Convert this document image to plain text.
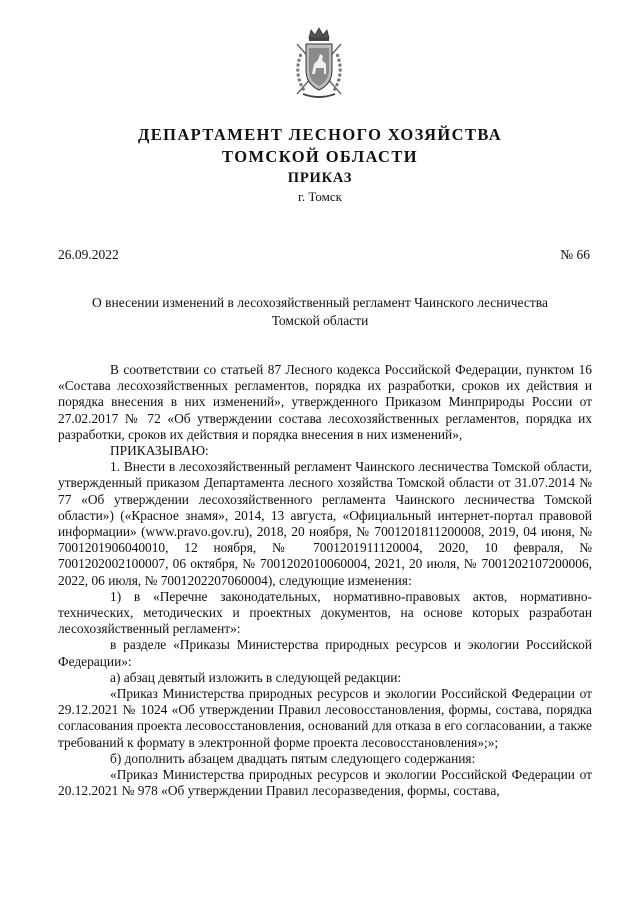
ДЕПАРТАМЕНТ ЛЕСНОГО ХОЗЯЙСТВА

ТОМСКОЙ ОБЛАСТИ

ПРИКАЗ

г. Томск

26.09.2022	№ 66

О внесении изменений в лесохозяйственный регламент Чаинского лесничества Томской области

В соответствии со статьей 87 Лесного кодекса Российской Федерации, пунктом 16 «Состава лесохозяйственных регламентов, порядка их разработки, сроков их действия и порядка внесения в них изменений», утвержденного Приказом Минприроды России от 27.02.2017 № 72 «Об утверждении состава лесохозяйственных регламентов, порядка их разработки, сроков их действия и порядка внесения в них изменений»,

ПРИКАЗЫВАЮ:

1. Внести в лесохозяйственный регламент Чаинского лесничества Томской области, утвержденный приказом Департамента лесного хозяйства Томской области от 31.07.2014 № 77 «Об утверждении лесохозяйственного регламента Чаинского лесничества Томской области») («Красное знамя», 2014, 13 августа, «Официальный интернет-портал правовой информации» (www.pravo.gov.ru), 2018, 20 ноября, № 7001201811200008, 2019, 04 июня, № 7001201906040010, 12 ноября, № 7001201911120004, 2020, 10 февраля, № 7001202002100007, 06 октября, № 7001202010060004, 2021, 20 июля, № 7001202107200006, 2022, 06 июля, № 7001202207060004), следующие изменения:

1) в «Перечне законодательных, нормативно-правовых актов, нормативно-технических, методических и проектных документов, на основе которых разработан лесохозяйственный регламент»:

в разделе «Приказы Министерства природных ресурсов и экологии Российской Федерации»:

а) абзац девятый изложить в следующей редакции:

«Приказ Министерства природных ресурсов и экологии Российской Федерации от 29.12.2021 № 1024 «Об утверждении Правил лесовосстановления, формы, состава, порядка согласования проекта лесовосстановления, оснований для отказа в его согласовании, а также требований к формату в электронной форме проекта лесовосстановления»;»;

б) дополнить абзацем двадцать пятым следующего содержания:

«Приказ Министерства природных ресурсов и экологии Российской Федерации от 20.12.2021 № 978 «Об утверждении Правил лесоразведения, формы, состава,
